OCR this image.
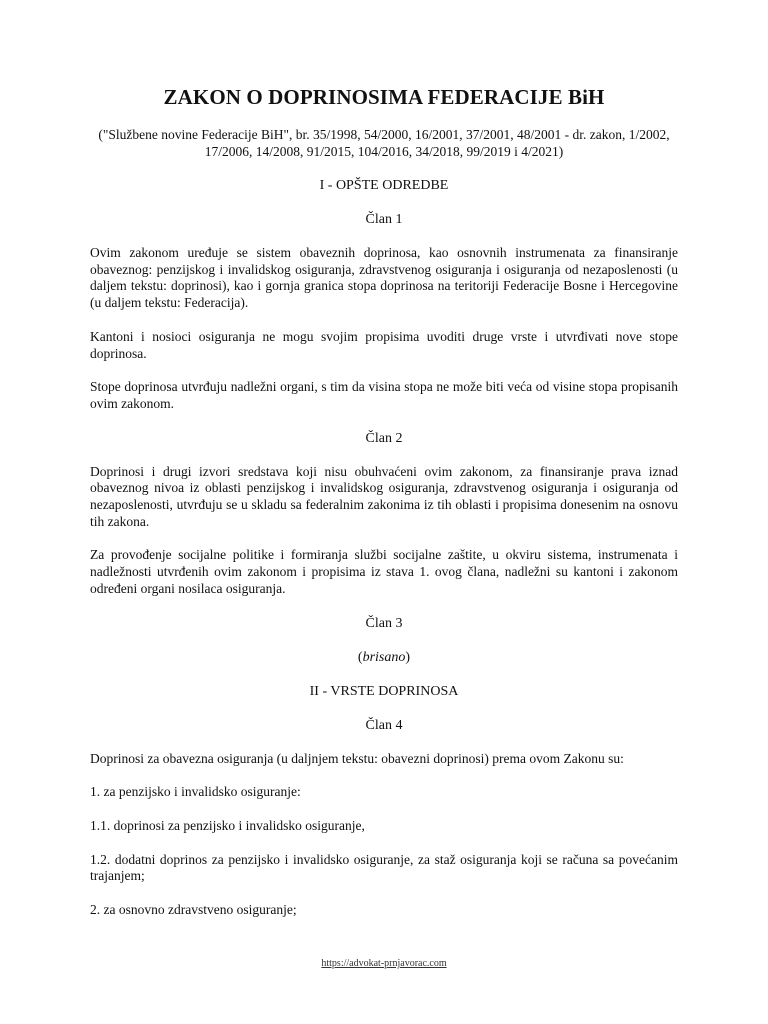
ZAKON O DOPRINOSIMA FEDERACIJE BiH
("Službene novine Federacije BiH", br. 35/1998, 54/2000, 16/2001, 37/2001, 48/2001 - dr. zakon, 1/2002, 17/2006, 14/2008, 91/2015, 104/2016, 34/2018, 99/2019 i 4/2021)
I - OPŠTE ODREDBE
Član 1

Ovim zakonom uređuje se sistem obaveznih doprinosa, kao osnovnih instrumenata za finansiranje obaveznog: penzijskog i invalidskog osiguranja, zdravstvenog osiguranja i osiguranja od nezaposlenosti (u daljem tekstu: doprinosi), kao i gornja granica stopa doprinosa na teritoriji Federacije Bosne i Hercegovine (u daljem tekstu: Federacija).

Kantoni i nosioci osiguranja ne mogu svojim propisima uvoditi druge vrste i utvrđivati nove stope doprinosa.

Stope doprinosa utvrđuju nadležni organi, s tim da visina stopa ne može biti veća od visine stopa propisanih ovim zakonom.

Član 2

Doprinosi i drugi izvori sredstava koji nisu obuhvaćeni ovim zakonom, za finansiranje prava iznad obaveznog nivoa iz oblasti penzijskog i invalidskog osiguranja, zdravstvenog osiguranja i osiguranja od nezaposlenosti, utvrđuju se u skladu sa federalnim zakonima iz tih oblasti i propisima donesenim na osnovu tih zakona.

Za provođenje socijalne politike i formiranja službi socijalne zaštite, u okviru sistema, instrumenata i nadležnosti utvrđenih ovim zakonom i propisima iz stava 1. ovog člana, nadležni su kantoni i zakonom određeni organi nosilaca osiguranja.

Član 3
(brisano)
II - VRSTE DOPRINOSA
Član 4

Doprinosi za obavezna osiguranja (u daljnjem tekstu: obavezni doprinosi) prema ovom Zakonu su:

1. za penzijsko i invalidsko osiguranje:

1.1. doprinosi za penzijsko i invalidsko osiguranje,

1.2. dodatni doprinos za penzijsko i invalidsko osiguranje, za staž osiguranja koji se računa sa povećanim trajanjem;

2. za osnovno zdravstveno osiguranje;

https://advokat-prnjavorac.com
